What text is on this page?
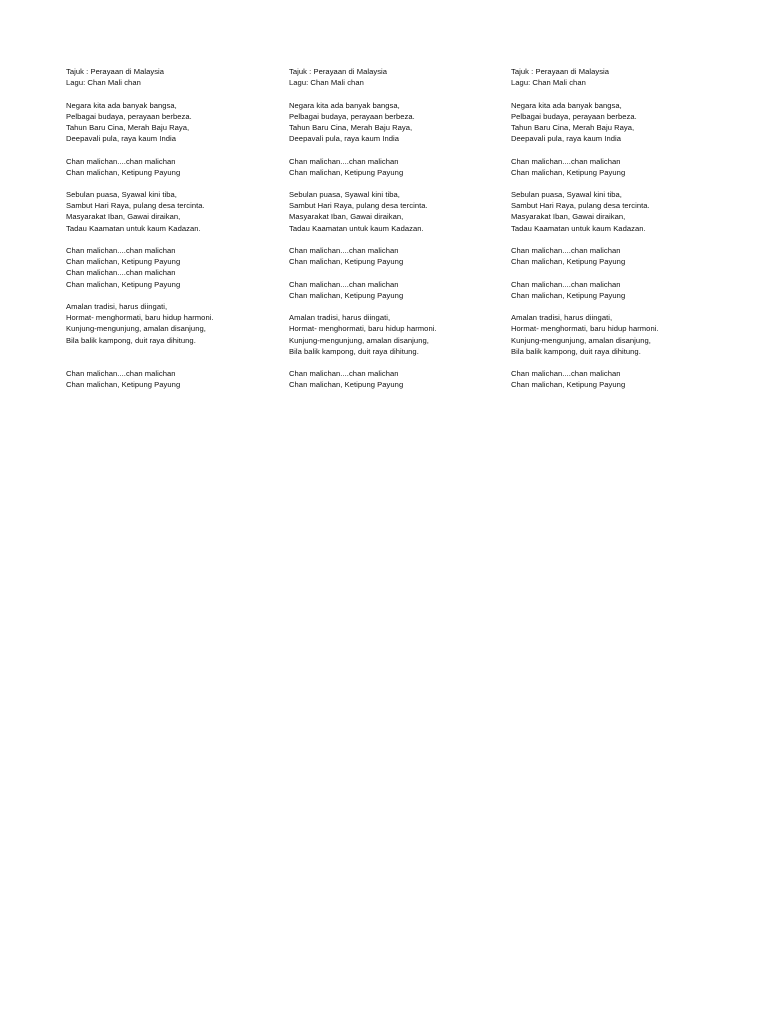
Tajuk : Perayaan di Malaysia
Lagu: Chan Mali chan
Negara kita ada banyak bangsa,
Pelbagai budaya, perayaan berbeza.
Tahun Baru Cina, Merah Baju Raya,
Deepavali pula, raya kaum India
Chan malichan....chan malichan
Chan malichan, Ketipung Payung
Sebulan puasa, Syawal kini tiba,
Sambut Hari Raya, pulang desa tercinta.
Masyarakat Iban, Gawai diraikan,
Tadau Kaamatan untuk kaum Kadazan.
Chan malichan....chan malichan
Chan malichan, Ketipung Payung
Chan malichan....chan malichan
Chan malichan, Ketipung Payung
Amalan tradisi, harus diingati,
Hormat- menghormati, baru hidup harmoni.
Kunjung-mengunjung, amalan disanjung,
Bila balik kampong, duit raya dihitung.
Chan malichan....chan malichan
Chan malichan, Ketipung Payung
Tajuk : Perayaan di Malaysia
Lagu: Chan Mali chan
Negara kita ada banyak bangsa,
Pelbagai budaya, perayaan berbeza.
Tahun Baru Cina, Merah Baju Raya,
Deepavali pula, raya kaum India
Chan malichan....chan malichan
Chan malichan, Ketipung Payung
Sebulan puasa, Syawal kini tiba,
Sambut Hari Raya, pulang desa tercinta.
Masyarakat Iban, Gawai diraikan,
Tadau Kaamatan untuk kaum Kadazan.
Chan malichan....chan malichan
Chan malichan, Ketipung Payung
Chan malichan....chan malichan
Chan malichan, Ketipung Payung
Amalan tradisi, harus diingati,
Hormat- menghormati, baru hidup harmoni.
Kunjung-mengunjung, amalan disanjung,
Bila balik kampong, duit raya dihitung.
Chan malichan....chan malichan
Chan malichan, Ketipung Payung
Tajuk : Perayaan di Malaysia
Lagu: Chan Mali chan
Negara kita ada banyak bangsa,
Pelbagai budaya, perayaan berbeza.
Tahun Baru Cina, Merah Baju Raya,
Deepavali pula, raya kaum India
Chan malichan....chan malichan
Chan malichan, Ketipung Payung
Sebulan puasa, Syawal kini tiba,
Sambut Hari Raya, pulang desa tercinta.
Masyarakat Iban, Gawai diraikan,
Tadau Kaamatan untuk kaum Kadazan.
Chan malichan....chan malichan
Chan malichan, Ketipung Payung
Chan malichan....chan malichan
Chan malichan, Ketipung Payung
Amalan tradisi, harus diingati,
Hormat- menghormati, baru hidup harmoni.
Kunjung-mengunjung, amalan disanjung,
Bila balik kampong, duit raya dihitung.
Chan malichan....chan malichan
Chan malichan, Ketipung Payung
